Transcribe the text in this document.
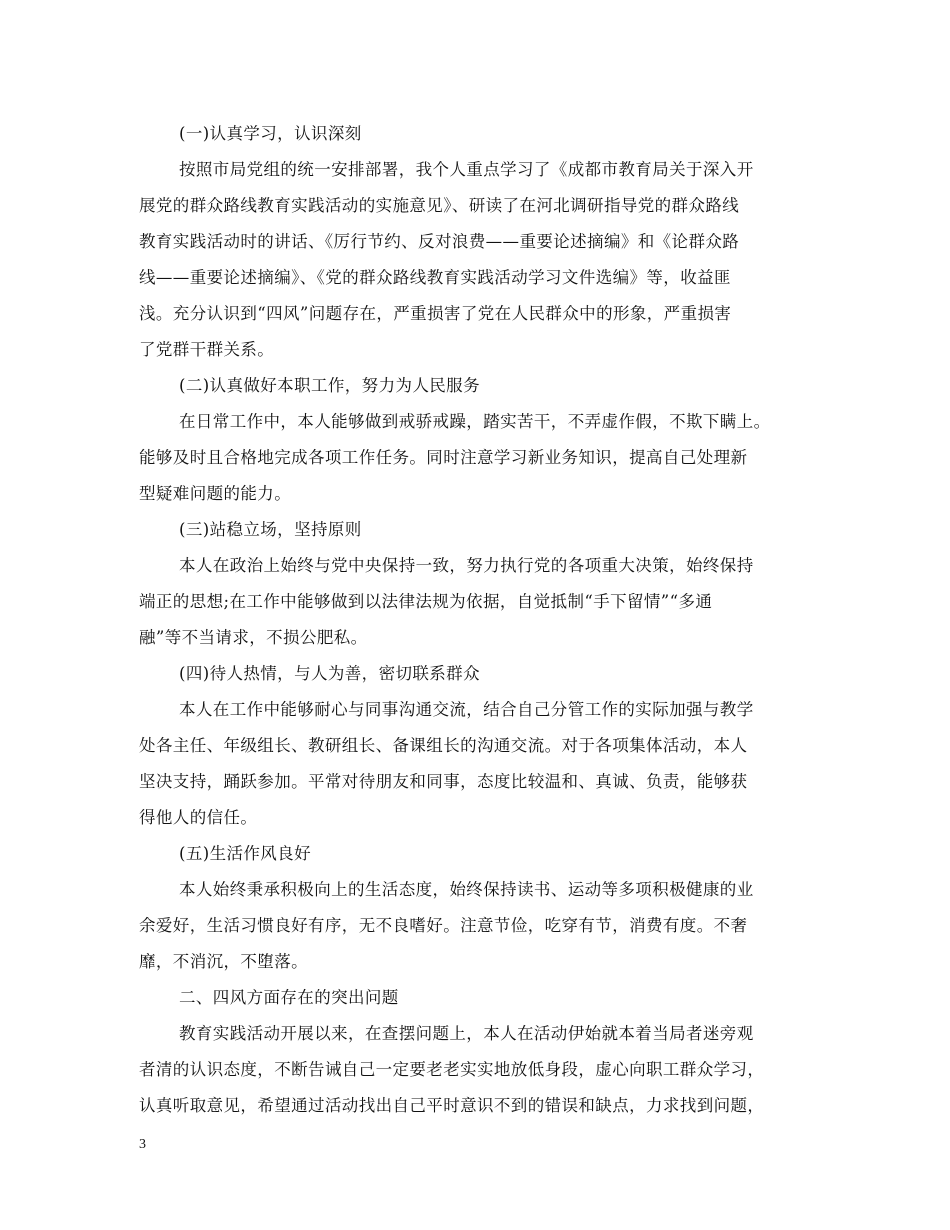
(一)认真学习，认识深刻
按照市局党组的统一安排部署，我个人重点学习了《成都市教育局关于深入开
展党的群众路线教育实践活动的实施意见》、研读了在河北调研指导党的群众路线
教育实践活动时的讲话、《厉行节约、反对浪费——重要论述摘编》和《论群众路
线——重要论述摘编》、《党的群众路线教育实践活动学习文件选编》等，收益匪
浅。充分认识到“四风”问题存在，严重损害了党在人民群众中的形象，严重损害
了党群干群关系。
(二)认真做好本职工作，努力为人民服务
在日常工作中，本人能够做到戒骄戒躁，踏实苦干，不弄虚作假，不欺下瞒上。
能够及时且合格地完成各项工作任务。同时注意学习新业务知识，提高自己处理新
型疑难问题的能力。
(三)站稳立场，坚持原则
本人在政治上始终与党中央保持一致，努力执行党的各项重大决策，始终保持
端正的思想;在工作中能够做到以法律法规为依据，自觉抵制“手下留情”“多通
融”等不当请求，不损公肥私。
(四)待人热情，与人为善，密切联系群众
本人在工作中能够耐心与同事沟通交流，结合自己分管工作的实际加强与教学
处各主任、年级组长、教研组长、备课组长的沟通交流。对于各项集体活动，本人
坚决支持，踊跃参加。平常对待朋友和同事，态度比较温和、真诚、负责，能够获
得他人的信任。
(五)生活作风良好
本人始终秉承积极向上的生活态度，始终保持读书、运动等多项积极健康的业
余爱好，生活习惯良好有序，无不良嗜好。注意节俭，吃穿有节，消费有度。不奢
靡，不消沉，不堕落。
二、四风方面存在的突出问题
教育实践活动开展以来，在查摆问题上，本人在活动伊始就本着当局者迷旁观
者清的认识态度，不断告诫自己一定要老老实实地放低身段，虚心向职工群众学习，
认真听取意见，希望通过活动找出自己平时意识不到的错误和缺点，力求找到问题，
3
